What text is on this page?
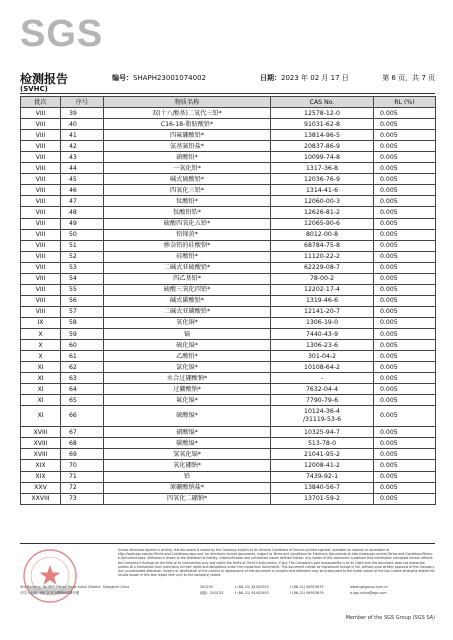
SGS
检测报告
(SVHC)
编号：SHAPH23001074002	日期：2023 年 02 月 17 日	第 6 页，共 7 页
批次	序号	物质名称	CAS No.	RL (%)
VIII	39	双(十八酸基)二氧代三铅*	12578-12-0	0.005
VIII	40	C16-18-脂肪酸铅*	91031-62-8	0.005
VIII	41	四氟硼酸铅*	13814-96-5	0.005
VIII	42	氨基氰铅盐*	20837-86-9	0.005
VIII	43	硝酸铅*	10099-74-8	0.005
VIII	44	一氧化铅*	1317-36-8	0.005
VIII	45	碱式硫酸铅*	12036-76-9	0.005
VIII	46	四氧化三铅*	1314-41-6	0.005
VIII	47	钛酸铅*	12060-00-3	0.005
VIII	48	钛酸铅锆*	12626-81-2	0.005
VIII	49	硫酸四氧化五铅*	12065-90-6	0.005
VIII	50	铅锑黄*	8012-00-8	0.005
VIII	51	掺杂铅的硅酸钡*	68784-75-8	0.005
VIII	52	硅酸铅*	11120-22-2	0.005
VIII	53	二碱式亚硫酸铅*	62229-08-7	0.005
VIII	54	四乙基铅*	78-00-2	0.005
VIII	55	硫酸三氧化四铅*	12202-17-4	0.005
VIII	56	碱式碳酸铅*	1319-46-6	0.005
VIII	57	二碱式亚磷酸铅*	12141-20-7	0.005
IX	58	氧化铜*	1306-19-0	0.005
X	59	镉	7440-43-9	0.005
X	60	硫化镉*	1306-23-6	0.005
X	61	乙酸铅*	301-04-2	0.005
XI	62	氯化镉*	10108-64-2	0.005
XI	63	水合过硼酸钠*	-	0.005
XI	64	过硼酸钠*	7632-04-4	0.005
XI	65	氟化镉*	7790-79-6	0.005
XI	66	硫酸镉*	10124-36-4
/31119-53-6	0.005
XVIII	67	硝酸镉*	10325-94-7	0.005
XVIII	68	碳酸镉*	513-78-0	0.005
XVIII	69	氢氧化镉*	21041-95-2	0.005
XIX	70	氧化硼钠*	12008-41-2	0.005
XIX	71	铅	7439-92-1	0.005
XXV	72	原硼酸钠盐*	13840-56-7	0.005
XXVIII	73	四氧化二硼钠*	13701-59-2	0.005
Unless otherwise agreed in writing, this document is issued by the Company subject to its General Conditions of Service printed overleaf, available on request or accessible at http://www.sgs.com/en/Terms-and-Conditions.aspx and, for electronic format documents, subject to Terms and Conditions for Electronic Documents at http://www.sgs.com/en/Terms-and-Conditions/Terms-e-Document.aspx. Attention is drawn to the limitation of liability, indemnification and jurisdiction issues defined therein. Any holder of this document is advised that information contained hereon reflects the Company's findings at the time of its intervention only and within the limits of Client's instructions, if any. The Company's sole responsibility is to its Client and this document does not exonerate parties to a transaction from exercising all their rights and obligations under the transaction documents. This document cannot be reproduced except in full, without prior written approval of the Company. Any unauthorized alteration, forgery or falsification of the content or appearance of this document is unlawful and offenders may be prosecuted to the fullest extent of the law. Unless otherwise stated the results shown in this test report refer only to the sample(s) tested.
3rd Building, No.889 Yishan Road Xuhui District, Shanghai China	200233	t (86–21) 61402553	f (86–21) 64953679	www.sgsgroup.com.cn
中国 · 上海 · 徐汇区宜山路889号3号楼	邮编：200233	t (86–21) 61402553	f (86–21) 64953679	e sgs.china@sgs.com
Member of the SGS Group (SGS SA)
